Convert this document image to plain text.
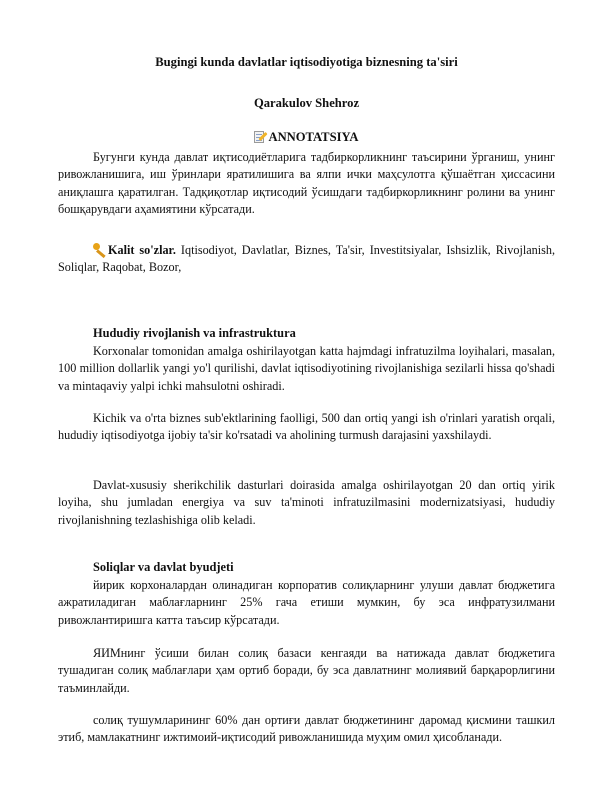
Bugingi kunda davlatlar iqtisodiyotiga biznesning ta'siri
Qarakulov Shehroz
ANNOTATSIYA

Бугунги кунда давлат иқтисодиётларига тадбиркорликнинг таъсирини ўрганиш, унинг ривожланишига, иш ўринлари яратилишига ва ялпи ички маҳсулотга қўшаётган ҳиссасини аниқлашга қаратилган. Тадқиқотлар иқтисодий ўсишдаги тадбиркорликнинг ролини ва унинг бошқарувдаги аҳамиятини кўрсатади.

Kalit so'zlar. Iqtisodiyot, Davlatlar, Biznes, Ta'sir, Investitsiyalar, Ishsizlik, Rivojlanish, Soliqlar, Raqobat, Bozor,

Hududiy rivojlanish va infrastruktura

Korxonalar tomonidan amalga oshirilayotgan katta hajmdagi infratuzilma loyihalari, masalan, 100 million dollarlik yangi yo'l qurilishi, davlat iqtisodiyotining rivojlanishiga sezilarli hissa qo'shadi va mintaqaviy yalpi ichki mahsulotni oshiradi.

Kichik va o'rta biznes sub'ektlarining faolligi, 500 dan ortiq yangi ish o'rinlari yaratish orqali, hududiy iqtisodiyotga ijobiy ta'sir ko'rsatadi va aholining turmush darajasini yaxshilaydi.

Davlat-xususiy sherikchilik dasturlari doirasida amalga oshirilayotgan 20 dan ortiq yirik loyiha, shu jumladan energiya va suv ta'minoti infratuzilmasini modernizatsiyasi, hududiy rivojlanishning tezlashishiga olib keladi.

Soliqlar va davlat byudjeti

йирик корхоналардан олинадиган корпоратив солиқларнинг улуши давлат бюджетига ажратиладиган маблағларнинг 25% гача етиши мумкин, бу эса инфратузилмани ривожлантиришга катта таъсир кўрсатади.

ЯИМнинг ўсиши билан солиқ базаси кенгаяди ва натижада давлат бюджетига тушадиган солиқ маблағлари ҳам ортиб боради, бу эса давлатнинг молиявий барқарорлигини таъминлайди.

солиқ тушумларининг 60% дан ортиғи давлат бюджетининг даромад қисмини ташкил этиб, мамлакатнинг ижтимоий-иқтисодий ривожланишида муҳим омил ҳисобланади.
